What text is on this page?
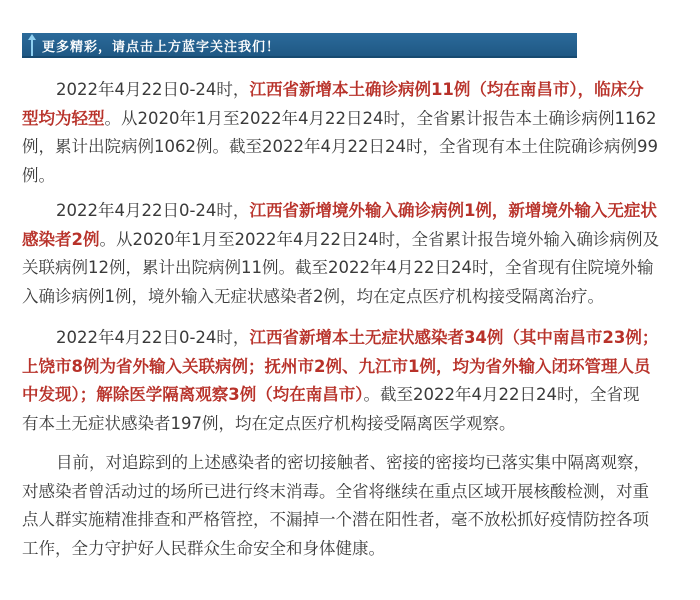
更多精彩，请点击上方蓝字关注我们！
2022年4月22日0-24时，江西省新增本土确诊病例11例（均在南昌市），临床分
型均为轻型。从2020年1月至2022年4月22日24时，全省累计报告本土确诊病例1162
例，累计出院病例1062例。截至2022年4月22日24时，全省现有本土住院确诊病例99
例。
2022年4月22日0-24时，江西省新增境外输入确诊病例1例，新增境外输入无症状
感染者2例。从2020年1月至2022年4月22日24时，全省累计报告境外输入确诊病例及
关联病例12例，累计出院病例11例。截至2022年4月22日24时，全省现有住院境外输
入确诊病例1例，境外输入无症状感染者2例，均在定点医疗机构接受隔离治疗。
2022年4月22日0-24时，江西省新增本土无症状感染者34例（其中南昌市23例；
上饶市8例为省外输入关联病例；抚州市2例、九江市1例，均为省外输入闭环管理人员
中发现）；解除医学隔离观察3例（均在南昌市）。截至2022年4月22日24时，全省现
有本土无症状感染者197例，均在定点医疗机构接受隔离医学观察。
目前，对追踪到的上述感染者的密切接触者、密接的密接均已落实集中隔离观察，
对感染者曾活动过的场所已进行终末消毒。全省将继续在重点区域开展核酸检测，对重
点人群实施精准排查和严格管控，不漏掉一个潜在阳性者，毫不放松抓好疫情防控各项
工作，全力守护好人民群众生命安全和身体健康。
